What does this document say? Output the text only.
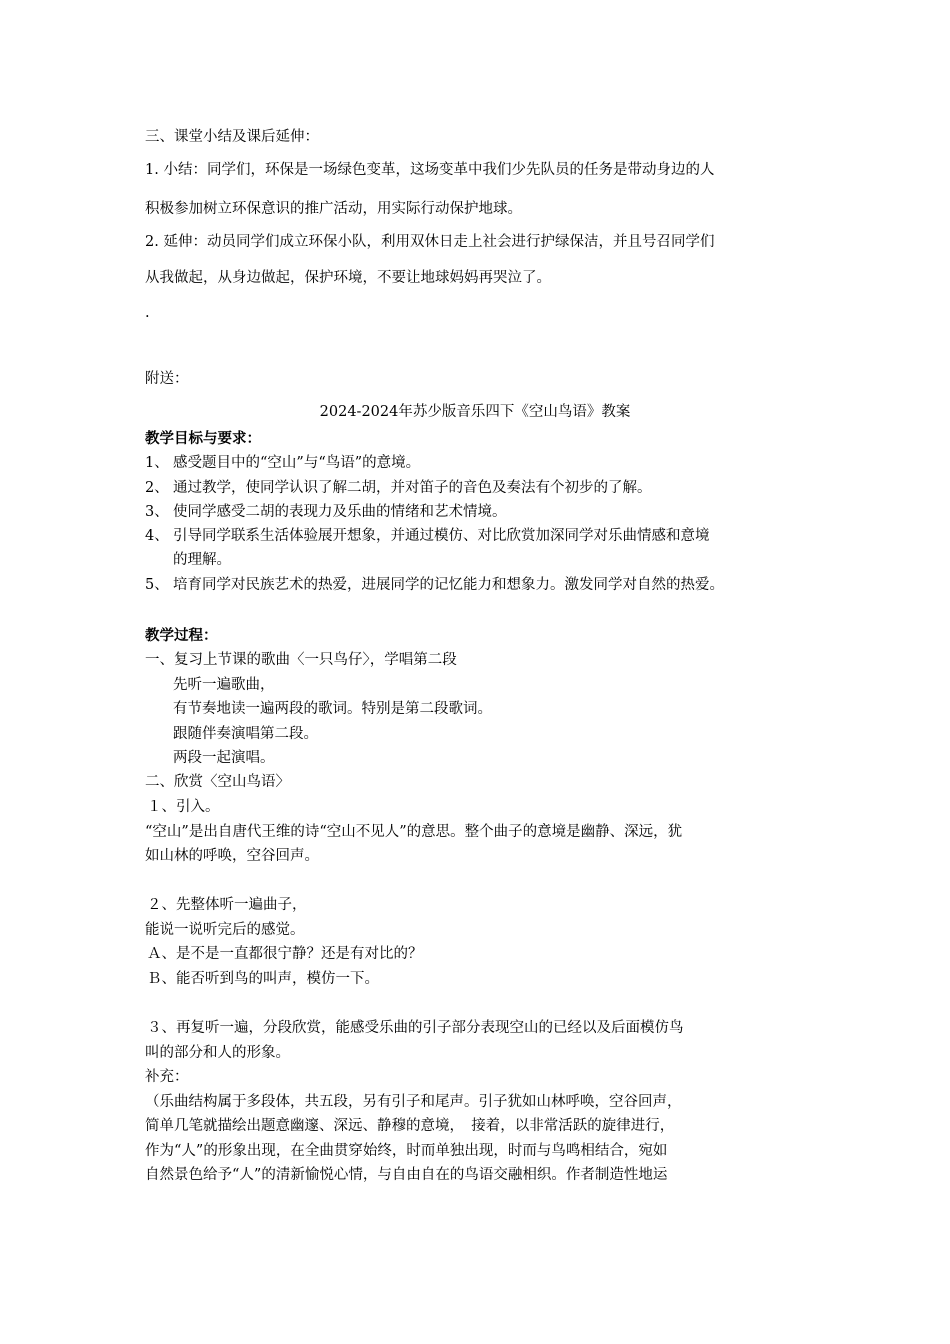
三、课堂小结及课后延伸：
1. 小结：同学们，环保是一场绿色变革，这场变革中我们少先队员的任务是带动身边的人
积极参加树立环保意识的推广活动，用实际行动保护地球。
2. 延伸：动员同学们成立环保小队，利用双休日走上社会进行护绿保洁，并且号召同学们
从我做起，从身边做起，保护环境，不要让地球妈妈再哭泣了。
.
附送：
2024-2024年苏少版音乐四下《空山鸟语》教案
教学目标与要求：
1、 感受题目中的“空山”与“鸟语”的意境。
2、 通过教学，使同学认识了解二胡，并对笛子的音色及奏法有个初步的了解。
3、 使同学感受二胡的表现力及乐曲的情绪和艺术情境。
4、 引导同学联系生活体验展开想象，并通过模仿、对比欣赏加深同学对乐曲情感和意境
的理解。
5、 培育同学对民族艺术的热爱，进展同学的记忆能力和想象力。激发同学对自然的热爱。
教学过程：
一、复习上节课的歌曲〈一只鸟仔〉，学唱第二段
先听一遍歌曲，
有节奏地读一遍两段的歌词。特别是第二段歌词。
跟随伴奏演唱第二段。
两段一起演唱。
二、欣赏〈空山鸟语〉
１、引入。
“空山”是出自唐代王维的诗“空山不见人”的意思。整个曲子的意境是幽静、深远，犹
如山林的呼唤，空谷回声。
２、先整体听一遍曲子，
能说一说听完后的感觉。
Ａ、是不是一直都很宁静？还是有对比的？
Ｂ、能否听到鸟的叫声，模仿一下。
３、再复听一遍，分段欣赏，能感受乐曲的引子部分表现空山的已经以及后面模仿鸟
叫的部分和人的形象。
补充：
（乐曲结构属于多段体，共五段，另有引子和尾声。引子犹如山林呼唤，空谷回声，
简单几笔就描绘出题意幽邃、深远、静穆的意境，　接着，以非常活跃的旋律进行，
作为“人”的形象出现，在全曲贯穿始终，时而单独出现，时而与鸟鸣相结合，宛如
自然景色给予“人”的清新愉悦心情，与自由自在的鸟语交融相织。作者制造性地运
